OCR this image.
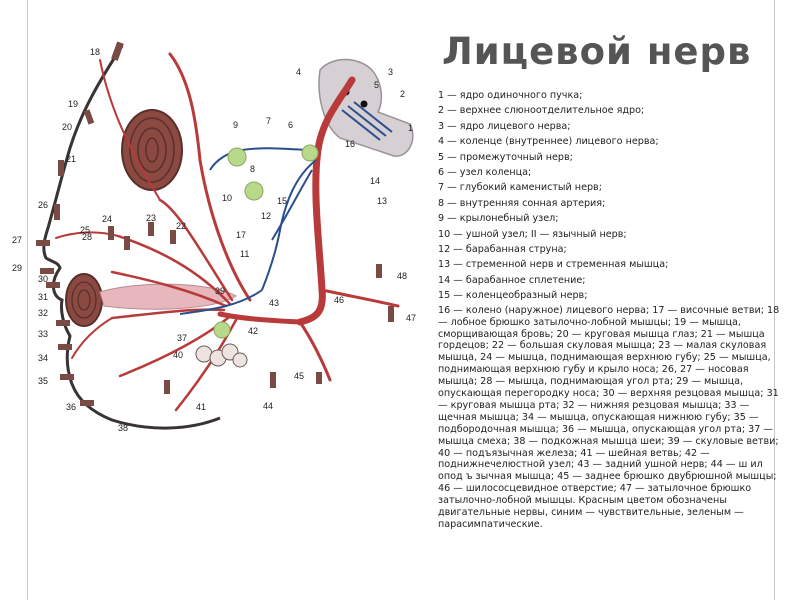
1
2
3
4
5
6
7
8
9
10
11
12
13
14
15
16
17
18
19
20
21
22
23
24
25
26
27	28
29
30
31
32
33
34
35
36
37
38
39
40
41
42
43
44
45
46
47
48
Лицевой нерв
1 — ядро одиночного пучка;
2 — верхнее слюноотделительное ядро;
3 — ядро лицевого нерва;
4 — коленце (внутреннее) лицевого нерва;
5 — промежуточный нерв;
6 — узел коленца;
7 — глубокий каменистый нерв;
8 — внутренняя сонная артерия;
9 — крылонебный узел;
10 — ушной узел; II — язычный нерв;
12 — барабанная струна;
13 — стременной нерв и стременная мышца;
14 — барабанное сплетение;
15 — коленцеобразный нерв;
16 — колено (наружное) лицевого нерва; 17 — височные ветви; 18 — лобное брюшко затылочно-лобной мышцы; 19 — мышца, сморщивающая бровь; 20 — круговая мышца глаз; 21 — мышца гордецов; 22 — большая скуловая мышца; 23 — малая скуловая мышца, 24 — мышца, поднимающая верхнюю губу; 25 — мышца, поднимающая верхнюю губу и крыло носа; 26, 27 — носовая мышца; 28 — мышца, поднимающая угол рта; 29 — мышца, опускающая перегородку носа; 30 — верхняя резцовая мышца; 31 — круговая мышца рта; 32 — нижняя резцовая мышца; 33 — щечная мышца; 34 — мышца, опускающая нижнюю губу; 35 — подбородочная мышца; 36 — мышца, опускающая угол рта; 37 — мышца смеха; 38 — подкожная мышца шеи; 39 — скуловые ветви; 40 — подъязычная железа; 41 — шейная ветвь; 42 — поднижнечелюстной узел; 43 — задний ушной нерв; 44 — ш ил опод ъ зычная мышца; 45 — заднее брюшко двубрюшной мышцы; 46 — шилососцевидное отверстие; 47 — затылочное брюшко затылочно-лобной мышцы. Красным цветом обозначены двигательные нервы, синим — чувствительные, зеленым — парасимпатические.
